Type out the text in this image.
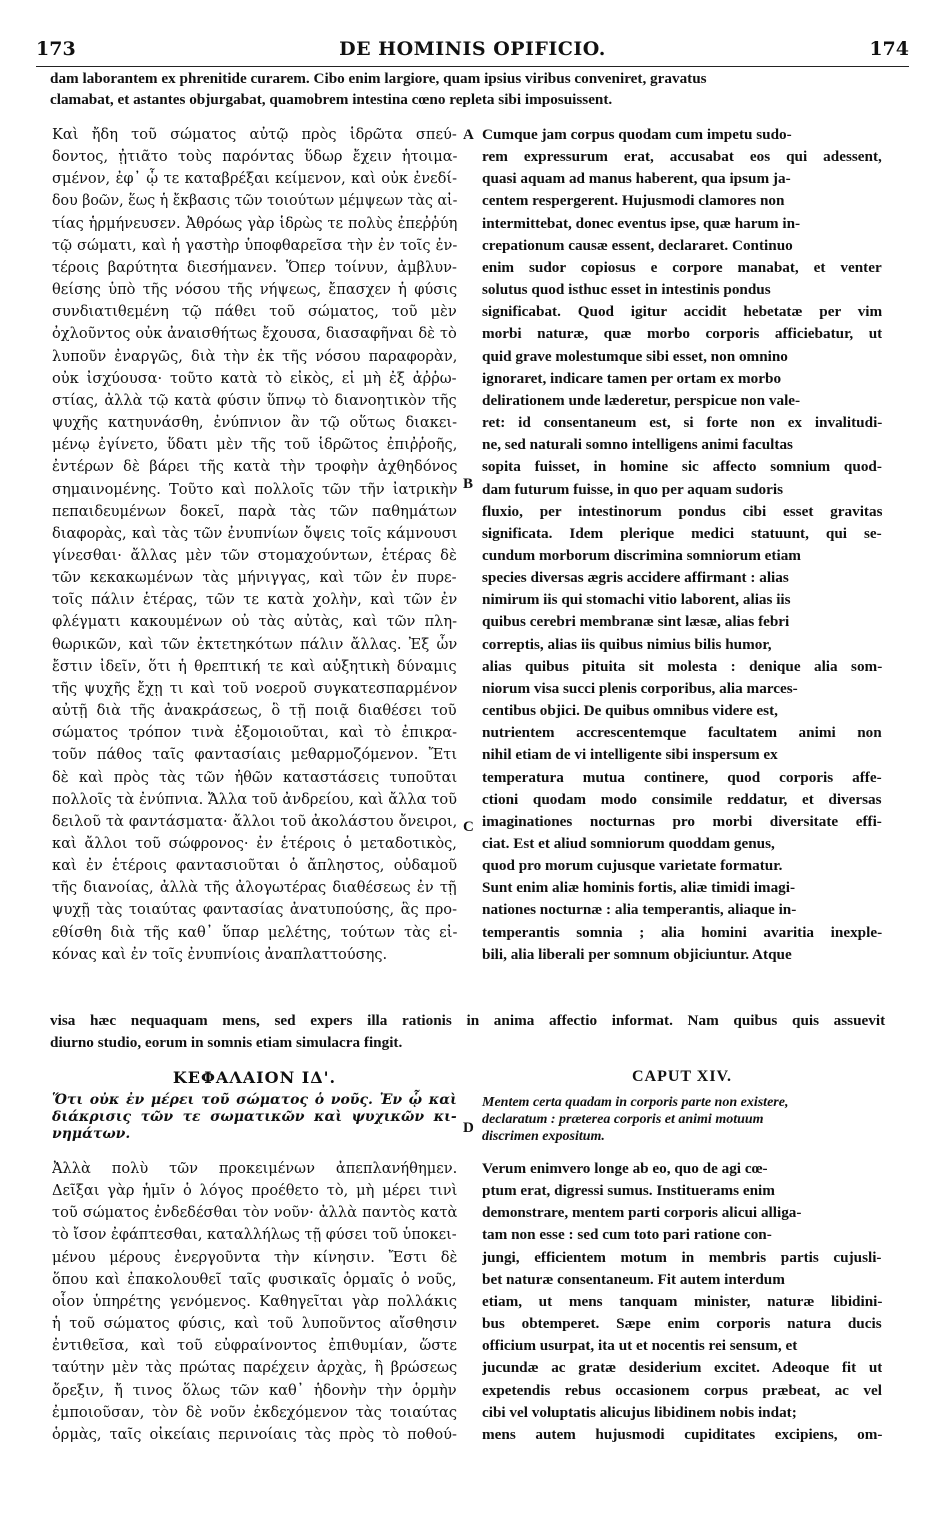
173	DE HOMINIS OPIFICIO.	174
dam laborantem ex phrenitide curarem. Cibo enim largiore, quam ipsius viribus conveniret, gravatus
clamabat, et astantes objurgabat, quamobrem intestina cœno repleta sibi imposuissent.
Καὶ ἤδη τοῦ σώματος αὐτῷ πρὸς ἱδρῶτα σπεύ-
δοντος, ᾐτιᾶτο τοὺς παρόντας ὕδωρ ἔχειν ἡτοιμα-
σμένον, ἐφ᾽ ᾧ τε καταβρέξαι κείμενον, καὶ οὐκ ἐνεδί-
δου βοῶν, ἕως ἡ ἔκβασις τῶν τοιούτων μέμψεων τὰς αἰ-
τίας ἡρμήνευσεν. Ἀθρόως γὰρ ἱδρὼς τε πολὺς ἐπεῤῥύη
τῷ σώματι, καὶ ἡ γαστὴρ ὑποφθαρεῖσα τὴν ἐν τοῖς ἐν-
τέροις βαρύτητα διεσήμανεν. Ὅπερ τοίνυν, ἀμβλυν-
θείσης ὑπὸ τῆς νόσου τῆς νήψεως, ἔπασχεν ἡ φύσις
συνδιατιθεμένη τῷ πάθει τοῦ σώματος, τοῦ μὲν
ὀχλοῦντος οὐκ ἀναισθήτως ἔχουσα, διασαφῆναι δὲ τὸ
λυποῦν ἐναργῶς, διὰ τὴν ἐκ τῆς νόσου παραφορὰν,
οὐκ ἰσχύουσα· τοῦτο κατὰ τὸ εἰκὸς, εἰ μὴ ἐξ ἀῤῥω-
στίας, ἀλλὰ τῷ κατὰ φύσιν ὕπνῳ τὸ διανοητικὸν τῆς
ψυχῆς κατηυνάσθη, ἐνύπνιον ἂν τῷ οὕτως διακει-
μένῳ ἐγίνετο, ὕδατι μὲν τῆς τοῦ ἱδρῶτος ἐπιῤῥοῆς,
ἐντέρων δὲ βάρει τῆς κατὰ τὴν τροφὴν ἀχθηδόνος
σημαινομένης. Τοῦτο καὶ πολλοῖς τῶν τῆν ἰατρικὴν
πεπαιδευμένων δοκεῖ, παρὰ τὰς τῶν παθημάτων
διαφορὰς, καὶ τὰς τῶν ἐνυπνίων ὄψεις τοῖς κάμνουσι
γίνεσθαι· ἄλλας μὲν τῶν στομαχούντων, ἑτέρας δὲ
τῶν κεκακωμένων τὰς μήνιγγας, καὶ τῶν ἐν πυρε-
τοῖς πάλιν ἑτέρας, τῶν τε κατὰ χολὴν, καὶ τῶν ἐν
φλέγματι κακουμένων οὐ τὰς αὐτὰς, καὶ τῶν πλη-
θωρικῶν, καὶ τῶν ἐκτετηκότων πάλιν ἄλλας. Ἐξ ὧν
ἔστιν ἰδεῖν, ὅτι ἡ θρεπτική τε καὶ αὐξητικὴ δύναμις
τῆς ψυχῆς ἔχῃ τι καὶ τοῦ νοεροῦ συγκατεσπαρμένον
αὐτῇ διὰ τῆς ἀνακράσεως, ὃ τῇ ποιᾷ διαθέσει τοῦ
σώματος τρόπον τινὰ ἐξομοιοῦται, καὶ τὸ ἐπικρα-
τοῦν πάθος ταῖς φαντασίαις μεθαρμοζόμενον. Ἔτι
δὲ καὶ πρὸς τὰς τῶν ἠθῶν καταστάσεις τυποῦται
πολλοῖς τὰ ἐνύπνια. Ἄλλα τοῦ ἀνδρείου, καὶ ἄλλα τοῦ
δειλοῦ τὰ φαντάσματα· ἄλλοι τοῦ ἀκολάστου ὄνειροι,
καὶ ἄλλοι τοῦ σώφρονος· ἐν ἑτέροις ὁ μεταδοτικὸς,
καὶ ἐν ἑτέροις φαντασιοῦται ὁ ἄπληστος, οὐδαμοῦ
τῆς διανοίας, ἀλλὰ τῆς ἀλογωτέρας διαθέσεως ἐν τῇ
ψυχῇ τὰς τοιαύτας φαντασίας ἀνατυπούσης, ἃς προ-
εθίσθη διὰ τῆς καθ᾽ ὕπαρ μελέτης, τούτων τὰς εἰ-
κόνας καὶ ἐν τοῖς ἐνυπνίοις ἀναπλαττούσης.
Cumque jam corpus quodam cum impetu sudo-
rem expressurum erat, accusabat eos qui adessent,
quasi aquam ad manus haberent, qua ipsum ja-
centem respergerent. Hujusmodi clamores non
intermittebat, donec eventus ipse, quæ harum in-
crepationum causæ essent, declararet. Continuo
enim sudor copiosus e corpore manabat, et venter
solutus quod isthuc esset in intestinis pondus
significabat. Quod igitur accidit hebetatæ per vim
morbi naturæ, quæ morbo corporis afficiebatur, ut
quid grave molestumque sibi esset, non omnino
ignoraret, indicare tamen per ortam ex morbo
delirationem unde læderetur, perspicue non vale-
ret: id consentaneum est, si forte non ex invalitudi-
ne, sed naturali somno intelligens animi facultas
sopita fuisset, in homine sic affecto somnium quod-
dam futurum fuisse, in quo per aquam sudoris
fluxio, per intestinorum pondus cibi esset gravitas
significata. Idem plerique medici statuunt, qui se-
cundum morborum discrimina somniorum etiam
species diversas ægris accidere affirmant : alias
nimirum iis qui stomachi vitio laborent, alias iis
quibus cerebri membranæ sint læsæ, alias febri
correptis, alias iis quibus nimius bilis humor,
alias quibus pituita sit molesta : denique alia som-
niorum visa succi plenis corporibus, alia marces-
centibus objici. De quibus omnibus videre est,
nutrientem accrescentemque facultatem animi non
nihil etiam de vi intelligente sibi inspersum ex
temperatura mutua continere, quod corporis affe-
ctioni quodam modo consimile reddatur, et diversas
imaginationes nocturnas pro morbi diversitate effi-
ciat. Est et aliud somniorum quoddam genus,
quod pro morum cujusque varietate formatur.
Sunt enim aliæ hominis fortis, aliæ timidi imagi-
nationes nocturnæ : alia temperantis, aliaque in-
temperantis somnia ; alia homini avaritia inexple-
bili, alia liberali per somnum objiciuntur. Atque
A
B
C
D
visa hæc nequaquam mens, sed expers illa rationis in anima affectio informat. Nam quibus quis assuevit
diurno studio, eorum in somnis etiam simulacra fingit.
ΚΕΦΑΛΑΙΟΝ ΙΔ'.	CAPUT XIV.
Ὅτι οὐκ ἐν μέρει τοῦ σώματος ὁ νοῦς. Ἐν ᾧ καὶ
διάκρισις τῶν τε σωματικῶν καὶ ψυχικῶν κι-
νημάτων.
Mentem certa quadam in corporis parte non existere,
declaratum : præterea corporis et animi motuum
discrimen expositum.
Ἀλλὰ πολὺ τῶν προκειμένων ἀπεπλανήθημεν.
Δεῖξαι γὰρ ἡμῖν ὁ λόγος προέθετο τὸ, μὴ μέρει τινὶ
τοῦ σώματος ἐνδεδέσθαι τὸν νοῦν· ἀλλὰ παντὸς κατὰ
τὸ ἴσον ἐφάπτεσθαι, καταλλήλως τῇ φύσει τοῦ ὑποκει-
μένου μέρους ἐνεργοῦντα τὴν κίνησιν. Ἔστι δὲ
ὅπου καὶ ἐπακολουθεῖ ταῖς φυσικαῖς ὁρμαῖς ὁ νοῦς,
οἷον ὑπηρέτης γενόμενος. Καθηγεῖται γὰρ πολλάκις
ἡ τοῦ σώματος φύσις, καὶ τοῦ λυποῦντος αἴσθησιν
ἐντιθεῖσα, καὶ τοῦ εὐφραίνοντος ἐπιθυμίαν, ὥστε
ταύτην μὲν τὰς πρώτας παρέχειν ἀρχὰς, ἢ βρώσεως
ὄρεξιν, ἤ τινος ὅλως τῶν καθ᾽ ἡδονὴν τὴν ὁρμὴν
ἐμποιοῦσαν, τὸν δὲ νοῦν ἐκδεχόμενον τὰς τοιαύτας
ὁρμὰς, ταῖς οἰκείαις περινοίαις τὰς πρὸς τὸ ποθού-
Verum enimvero longe ab eo, quo de agi cœ-
ptum erat, digressi sumus. Instituerams enim
demonstrare, mentem parti corporis alicui alliga-
tam non esse : sed cum toto pari ratione con-
jungi, efficientem motum in membris partis cujusli-
bet naturæ consentaneum. Fit autem interdum
etiam, ut mens tanquam minister, naturæ libidini-
bus obtemperet. Sæpe enim corporis natura ducis
officium usurpat, ita ut et nocentis rei sensum, et
jucundæ ac gratæ desiderium excitet. Adeoque fit ut
expetendis rebus occasionem corpus præbeat, ac vel
cibi vel voluptatis alicujus libidinem nobis indat;
mens autem hujusmodi cupiditates excipiens, om-
